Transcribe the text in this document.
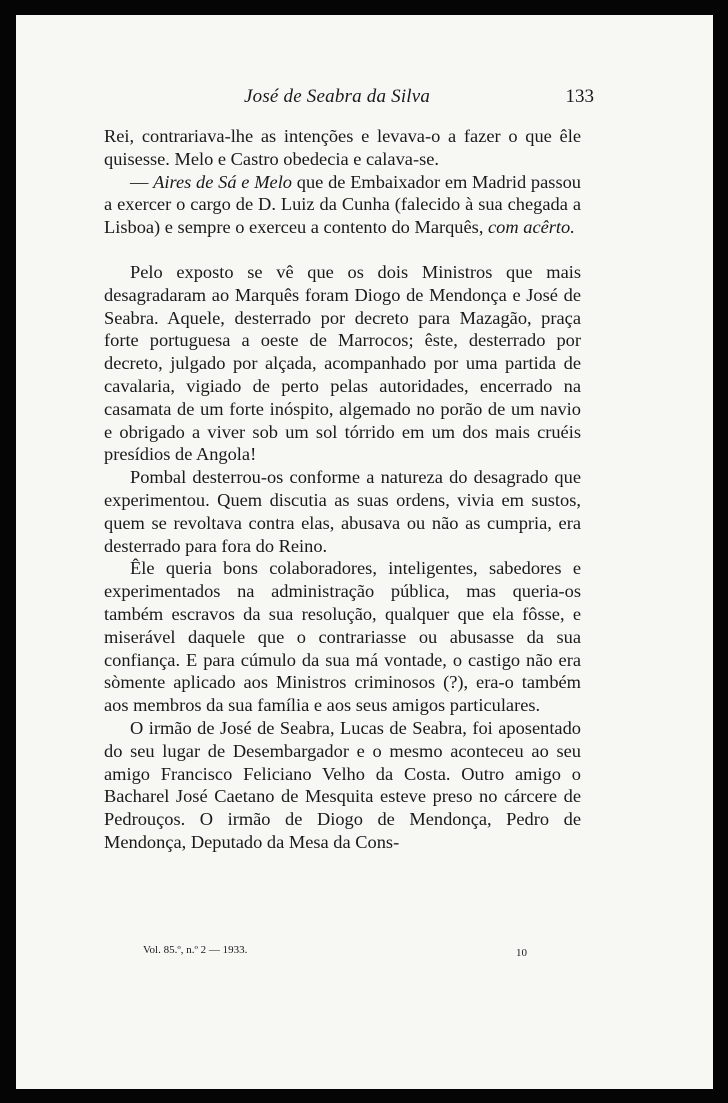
José de Seabra da Silva	133

Rei, contrariava-lhe as intenções e levava-o a fazer o que êle quisesse. Melo e Castro obedecia e calava-se.

— Aires de Sá e Melo que de Embaixador em Madrid passou a exercer o cargo de D. Luiz da Cunha (falecido à sua chegada a Lisboa) e sempre o exerceu a contento do Marquês, com acêrto.

Pelo exposto se vê que os dois Ministros que mais desagradaram ao Marquês foram Diogo de Mendonça e José de Seabra. Aquele, desterrado por decreto para Mazagão, praça forte portuguesa a oeste de Marrocos; êste, desterrado por decreto, julgado por alçada, acompanhado por uma partida de cavalaria, vigiado de perto pelas autoridades, encerrado na casamata de um forte inóspito, algemado no porão de um navio e obrigado a viver sob um sol tórrido em um dos mais cruéis presídios de Angola!

Pombal desterrou-os conforme a natureza do desagrado que experimentou. Quem discutia as suas ordens, vivia em sustos, quem se revoltava contra elas, abusava ou não as cumpria, era desterrado para fora do Reino.

Êle queria bons colaboradores, inteligentes, sabedores e experimentados na administração pública, mas queria-os também escravos da sua resolução, qualquer que ela fôsse, e miserável daquele que o contrariasse ou abusasse da sua confiança. E para cúmulo da sua má vontade, o castigo não era sòmente aplicado aos Ministros criminosos (?), era-o também aos membros da sua família e aos seus amigos particulares.

O irmão de José de Seabra, Lucas de Seabra, foi aposentado do seu lugar de Desembargador e o mesmo aconteceu ao seu amigo Francisco Feliciano Velho da Costa. Outro amigo o Bacharel José Caetano de Mesquita esteve preso no cárcere de Pedrouços. O irmão de Diogo de Mendonça, Pedro de Mendonça, Deputado da Mesa da Cons-

Vol. 85.º, n.º 2 — 1933.	10
